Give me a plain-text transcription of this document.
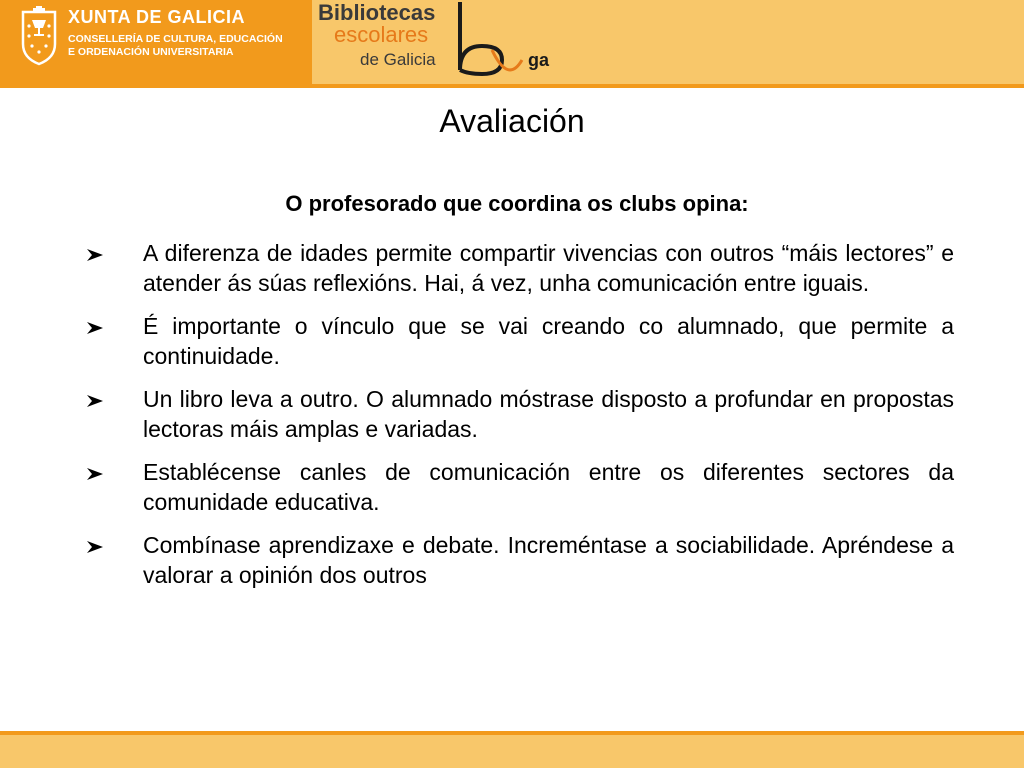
XUNTA DE GALICIA
CONSELLERÍA DE CULTURA, EDUCACIÓN
E ORDENACIÓN UNIVERSITARIA
Bibliotecas
escolares
de Galicia	ga
Avaliación
O profesorado que coordina os clubs opina:
A diferenza de idades permite compartir vivencias con outros “máis lectores” e atender ás súas reflexións. Hai, á vez, unha comunicación entre iguais.
É importante o vínculo que se vai creando co alumnado, que permite a continuidade.
Un libro leva a outro. O alumnado móstrase disposto a profundar en propostas lectoras máis amplas e variadas.
Establécense canles de comunicación entre os diferentes sectores da comunidade educativa.
Combínase aprendizaxe e debate. Increméntase a sociabilidade. Apréndese a valorar a opinión dos outros
